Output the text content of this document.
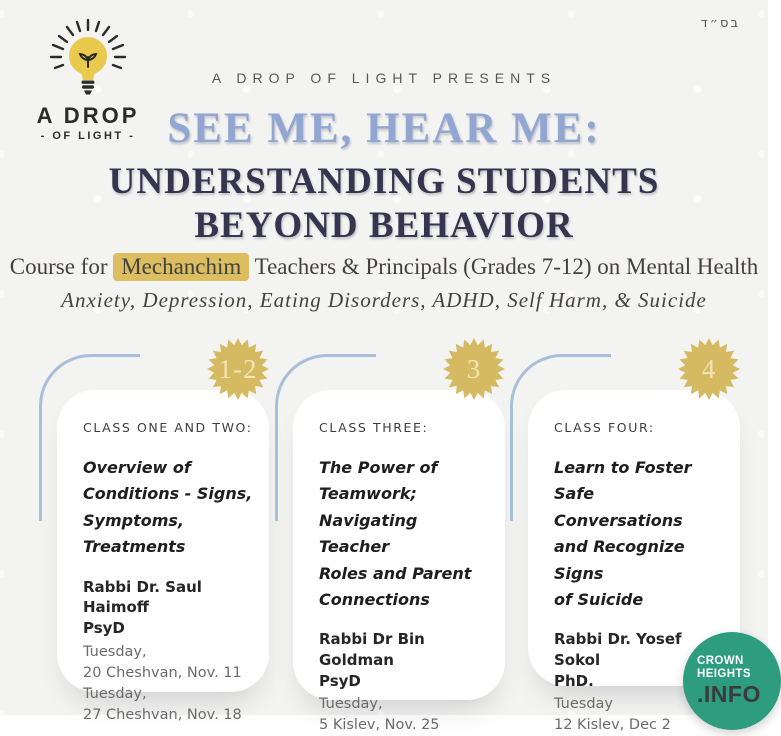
בס״ד
A DROP
- OF LIGHT -
A DROP OF LIGHT PRESENTS
SEE ME, HEAR ME:
UNDERSTANDING STUDENTS
BEYOND BEHAVIOR
Course for Mechanchim Teachers & Principals (Grades 7-12) on Mental Health
Anxiety, Depression, Eating Disorders, ADHD, Self Harm, & Suicide
1-2
CLASS ONE AND TWO:
Overview of
Conditions - Signs,
Symptoms,
Treatments
Rabbi Dr. Saul Haimoff
PsyD
Tuesday,
20 Cheshvan, Nov. 11
Tuesday,
27 Cheshvan, Nov. 18
3
CLASS THREE:
The Power of
Teamwork;
Navigating Teacher
Roles and Parent
Connections
Rabbi Dr Bin Goldman
PsyD
Tuesday,
5 Kislev, Nov. 25
4
CLASS FOUR:
Learn to Foster
Safe Conversations
and Recognize Signs
of Suicide
Rabbi Dr. Yosef Sokol
PhD.
Tuesday
12 Kislev, Dec 2
CROWN
HEIGHTS
.INFO
